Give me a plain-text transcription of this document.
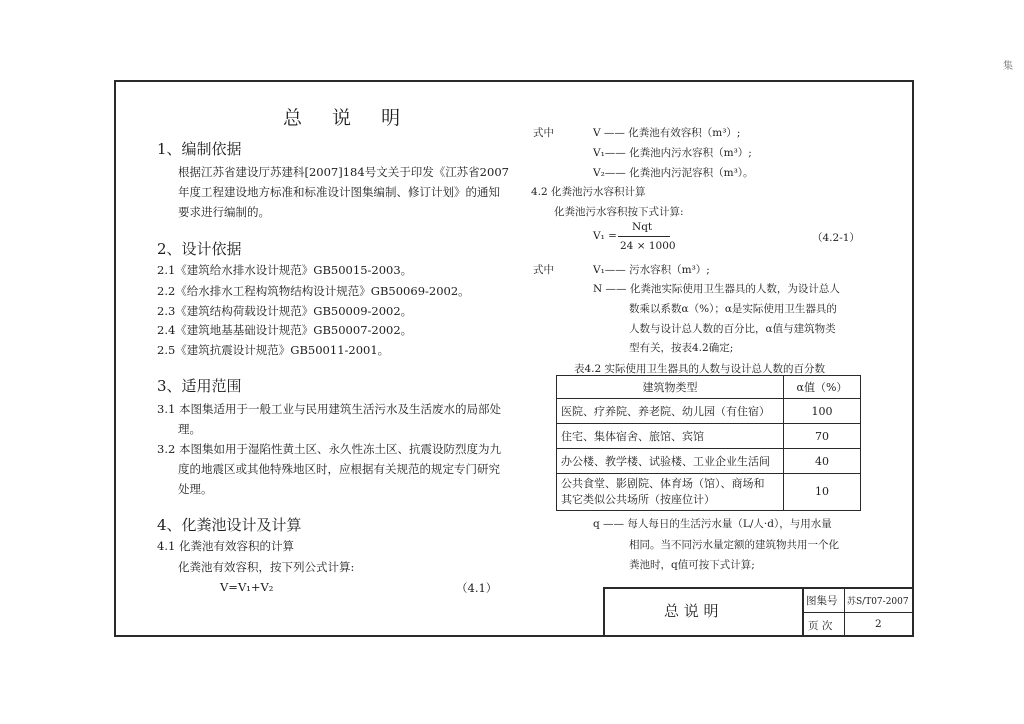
集
总 说 明
1、编制依据
根据江苏省建设厅苏建科[2007]184号文关于印发《江苏省2007
年度工程建设地方标准和标准设计图集编制、修订计划》的通知
要求进行编制的。
2、设计依据
2.1《建筑给水排水设计规范》GB50015-2003。
2.2《给水排水工程构筑物结构设计规范》GB50069-2002。
2.3《建筑结构荷载设计规范》GB50009-2002。
2.4《建筑地基基础设计规范》GB50007-2002。
2.5《建筑抗震设计规范》GB50011-2001。
3、适用范围
3.1 本图集适用于一般工业与民用建筑生活污水及生活废水的局部处
理。
3.2 本图集如用于湿陷性黄土区、永久性冻土区、抗震设防烈度为九
度的地震区或其他特殊地区时，应根据有关规范的规定专门研究
处理。
4、化粪池设计及计算
4.1 化粪池有效容积的计算
化粪池有效容积，按下列公式计算:
V=V₁+V₂	（4.1）
式中	V —— 化粪池有效容积（m³）;
V₁—— 化粪池内污水容积（m³）;
V₂—— 化粪池内污泥容积（m³）。
4.2 化粪池污水容积计算
化粪池污水容积按下式计算:
V₁ =
Nqt
24 × 1000
（4.2-1）
式中	V₁—— 污水容积（m³）;
N —— 化粪池实际使用卫生器具的人数，为设计总人
数乘以系数α（%）；α是实际使用卫生器具的
人数与设计总人数的百分比，α值与建筑物类
型有关，按表4.2确定;
表4.2 实际使用卫生器具的人数与设计总人数的百分数
建筑物类型	α值（%）
医院、疗养院、养老院、幼儿园（有住宿）	100
住宅、集体宿舍、旅馆、宾馆	70
办公楼、教学楼、试验楼、工业企业生活间	40
公共食堂、影剧院、体育场（馆）、商场和
其它类似公共场所（按座位计）	10
q —— 每人每日的生活污水量（L/人·d），与用水量
相同。当不同污水量定额的建筑物共用一个化
粪池时，q值可按下式计算;
总 说 明
图集号 苏S/T07-2007
页 次	2
